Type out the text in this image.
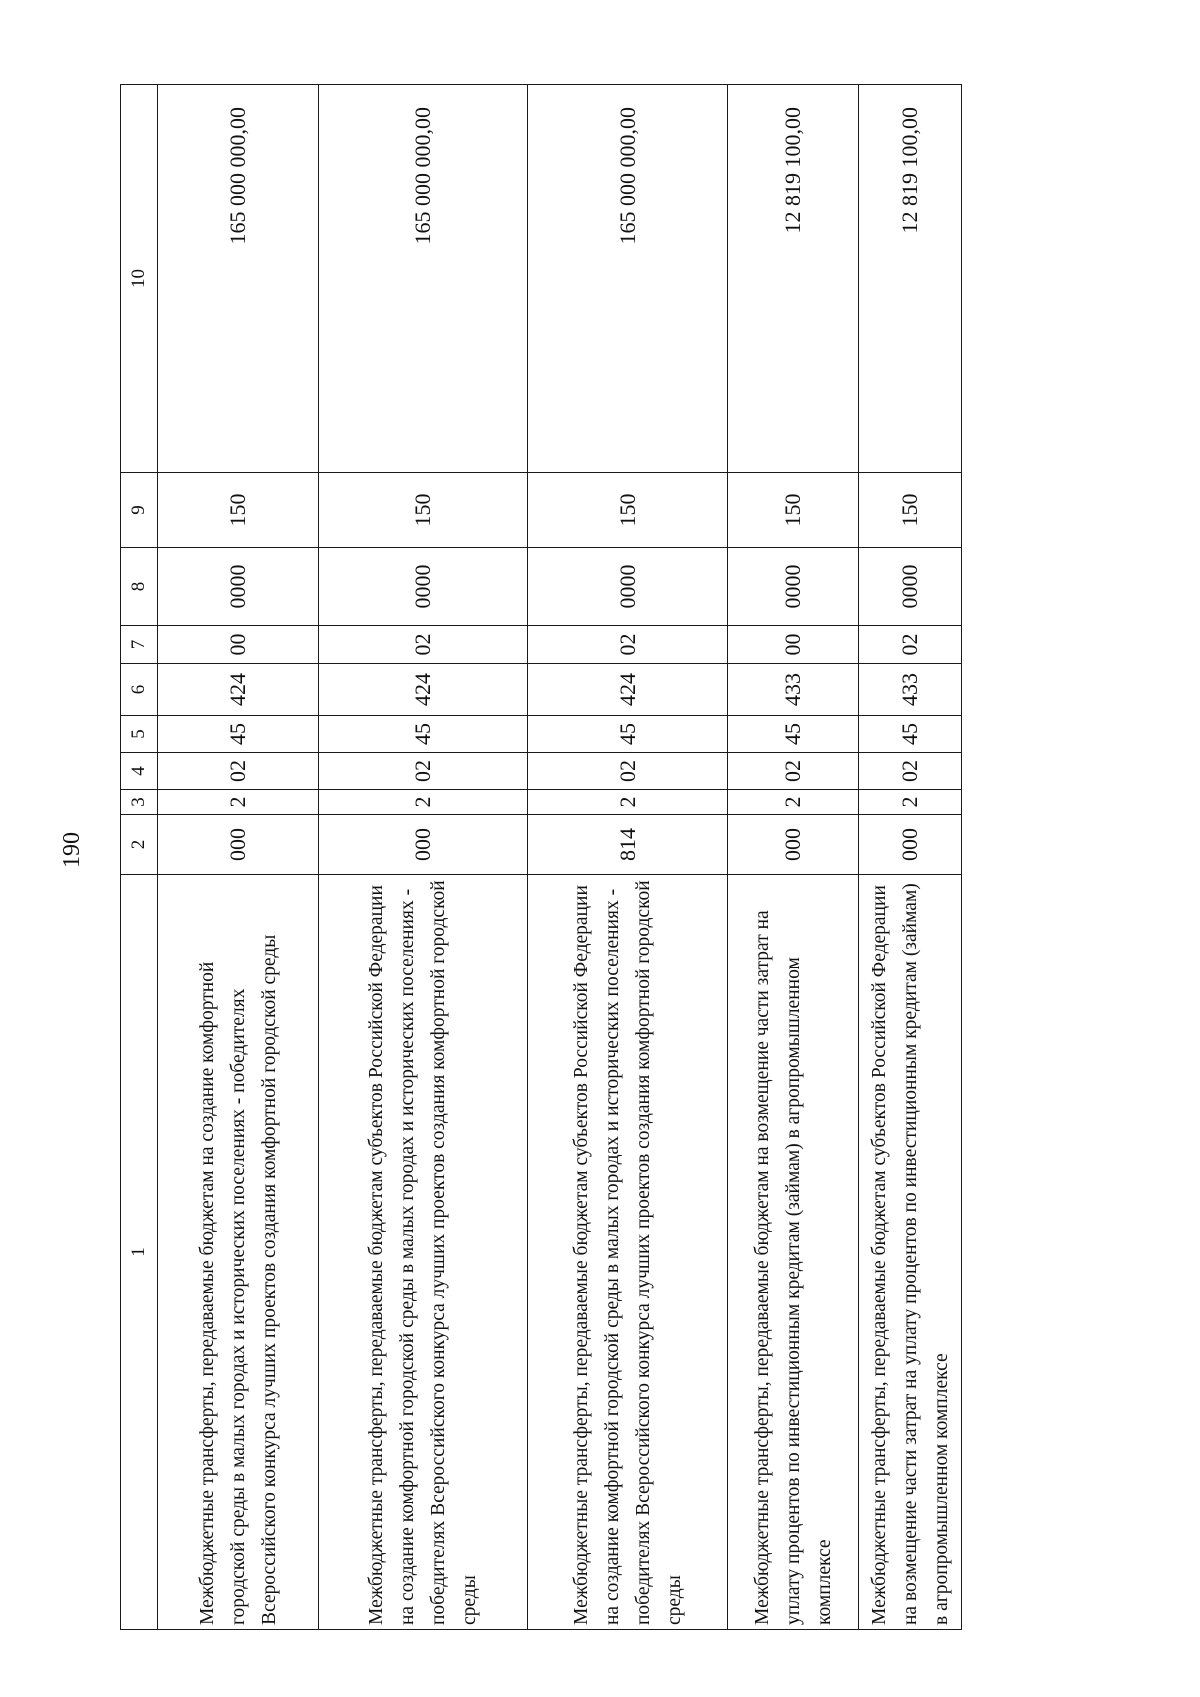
190
1	2	3	4	5	6	7	8	9	10
Межбюджетные трансферты, передаваемые бюджетам на создание комфортной городской среды в малых городах и исторических поселениях - победителях Всероссийского конкурса лучших проектов создания комфортной городской среды	000	2	02	45	424	00	0000	150	165 000 000,00
Межбюджетные трансферты, передаваемые бюджетам субъектов Российской Федерации на создание комфортной городской среды в малых городах и исторических поселениях - победителях Всероссийского конкурса лучших проектов создания комфортной городской среды	000	2	02	45	424	02	0000	150	165 000 000,00
Межбюджетные трансферты, передаваемые бюджетам субъектов Российской Федерации на создание комфортной городской среды в малых городах и исторических поселениях - победителях Всероссийского конкурса лучших проектов создания комфортной городской среды	814	2	02	45	424	02	0000	150	165 000 000,00
Межбюджетные трансферты, передаваемые бюджетам на возмещение части затрат на уплату процентов по инвестиционным кредитам (займам) в агропромышленном комплексе	000	2	02	45	433	00	0000	150	12 819 100,00
Межбюджетные трансферты, передаваемые бюджетам субъектов Российской Федерации на возмещение части затрат на уплату процентов по инвестиционным кредитам (займам) в агропромышленном комплексе	000	2	02	45	433	02	0000	150	12 819 100,00
